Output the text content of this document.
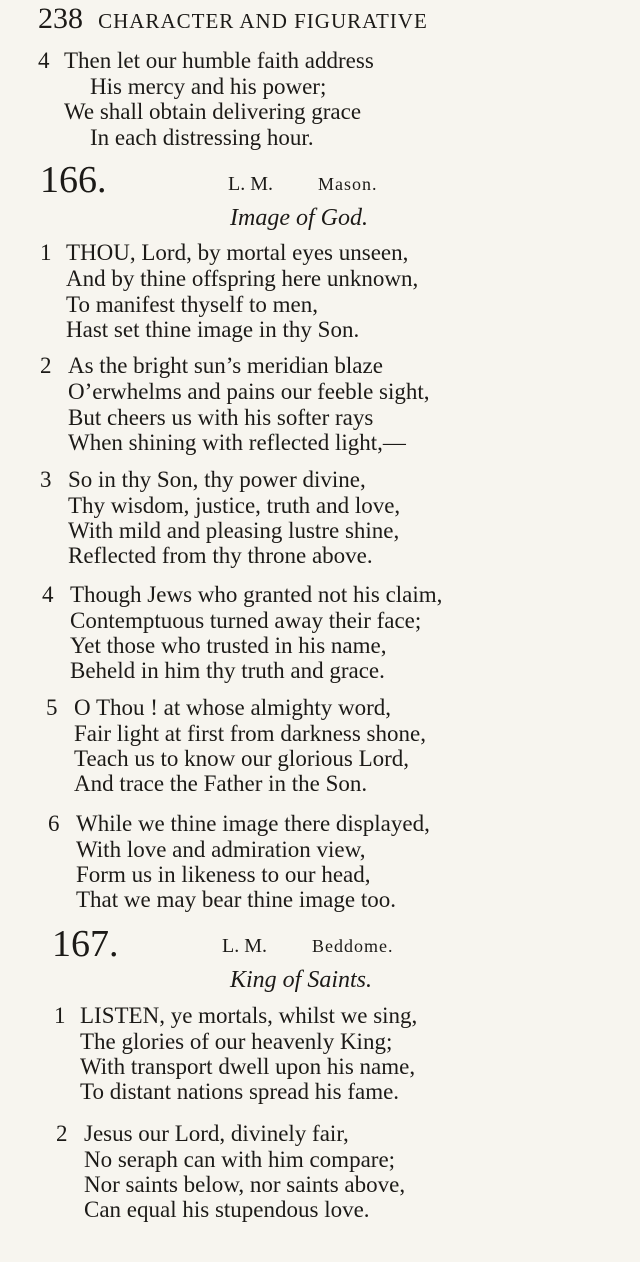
238 CHARACTER AND FIGURATIVE
4 Then let our humble faith address
His mercy and his power;
We shall obtain delivering grace
In each distressing hour.
166.	L. M.	Mason.
Image of God.
1 THOU, Lord, by mortal eyes unseen,
And by thine offspring here unknown,
To manifest thyself to men,
Hast set thine image in thy Son.
2 As the bright sun’s meridian blaze
O’erwhelms and pains our feeble sight,
But cheers us with his softer rays
When shining with reflected light,—
3 So in thy Son, thy power divine,
Thy wisdom, justice, truth and love,
With mild and pleasing lustre shine,
Reflected from thy throne above.
4 Though Jews who granted not his claim,
Contemptuous turned away their face;
Yet those who trusted in his name,
Beheld in him thy truth and grace.
5 O Thou ! at whose almighty word,
Fair light at first from darkness shone,
Teach us to know our glorious Lord,
And trace the Father in the Son.
6 While we thine image there displayed,
With love and admiration view,
Form us in likeness to our head,
That we may bear thine image too.
167.	L. M.	Beddome.
King of Saints.
1 LISTEN, ye mortals, whilst we sing,
The glories of our heavenly King;
With transport dwell upon his name,
To distant nations spread his fame.
2 Jesus our Lord, divinely fair,
No seraph can with him compare;
Nor saints below, nor saints above,
Can equal his stupendous love.
